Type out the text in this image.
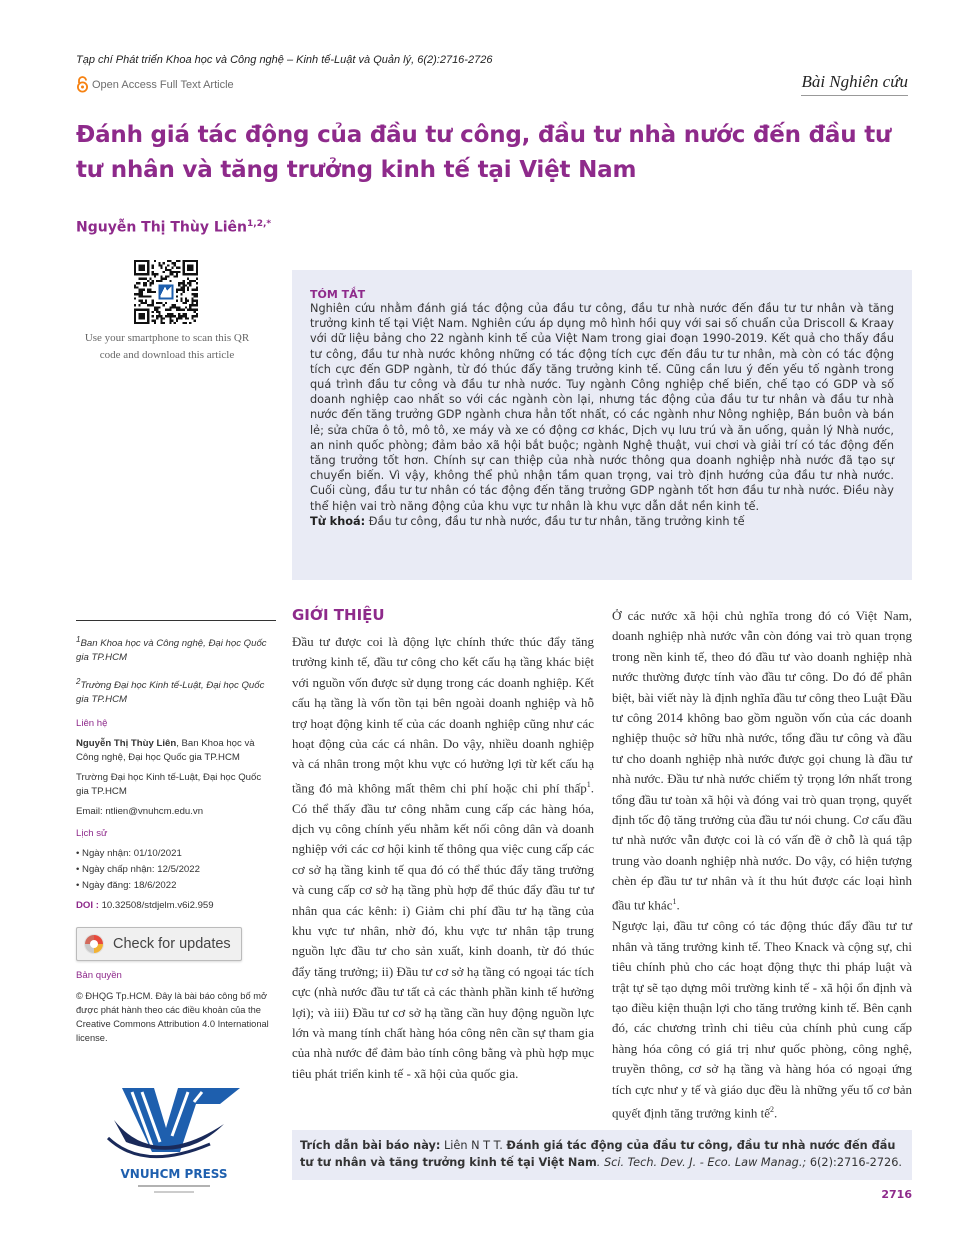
Tạp chí Phát triển Khoa học và Công nghệ – Kinh tế-Luật và Quản lý, 6(2):2716-2726
Open Access Full Text Article	Bài Nghiên cứu
Đánh giá tác động của đầu tư công, đầu tư nhà nước đến đầu tư tư nhân và tăng trưởng kinh tế tại Việt Nam
Nguyễn Thị Thùy Liên$^{1,2,*}$
Use your smartphone to scan this QR code and download this article
TÓM TẮT

Nghiên cứu nhằm đánh giá tác động của đầu tư công, đầu tư nhà nước đến đầu tư tư nhân và tăng trưởng kinh tế tại Việt Nam. Nghiên cứu áp dụng mô hình hồi quy với sai số chuẩn của Driscoll & Kraay với dữ liệu bảng cho 22 ngành kinh tế của Việt Nam trong giai đoạn 1990-2019. Kết quả cho thấy đầu tư công, đầu tư nhà nước không những có tác động tích cực đến đầu tư tư nhân, mà còn có tác động tích cực đến GDP ngành, từ đó thúc đẩy tăng trưởng kinh tế. Cũng cần lưu ý đến yếu tố ngành trong quá trình đầu tư công và đầu tư nhà nước. Tuy ngành Công nghiệp chế biến, chế tạo có GDP và số doanh nghiệp cao nhất so với các ngành còn lại, nhưng tác động của đầu tư tư nhân và đầu tư nhà nước đến tăng trưởng GDP ngành chưa hẳn tốt nhất, có các ngành như Nông nghiệp, Bán buôn và bán lẻ; sửa chữa ô tô, mô tô, xe máy và xe có động cơ khác, Dịch vụ lưu trú và ăn uống, quản lý Nhà nước, an ninh quốc phòng; đảm bảo xã hội bắt buộc; ngành Nghệ thuật, vui chơi và giải trí có tác động đến tăng trưởng tốt hơn. Chính sự can thiệp của nhà nước thông qua doanh nghiệp nhà nước đã tạo sự chuyển biến. Vì vậy, không thể phủ nhận tầm quan trọng, vai trò định hướng của đầu tư nhà nước. Cuối cùng, đầu tư tư nhân có tác động đến tăng trưởng GDP ngành tốt hơn đầu tư nhà nước. Điều này thể hiện vai trò năng động của khu vực tư nhân là khu vực dẫn dắt nền kinh tế.

Từ khoá: Đầu tư công, đầu tư nhà nước, đầu tư tư nhân, tăng trưởng kinh tế

$^1$Ban Khoa học và Công nghệ, Đại học Quốc gia TP.HCM
$^2$Trường Đại học Kinh tế-Luật, Đại học Quốc gia TP.HCM
Liên hệ

Nguyễn Thị Thùy Liên, Ban Khoa học và Công nghệ, Đại học Quốc gia TP.HCM

Trường Đại học Kinh tế-Luật, Đại học Quốc gia TP.HCM

Email: ntlien@vnuhcm.edu.vn

Lịch sử
• Ngày nhận: 01/10/2021
• Ngày chấp nhận: 12/5/2022
• Ngày đăng: 18/6/2022
DOI : 10.32508/stdjelm.v6i2.959
Check for updates
Bản quyền

© ĐHQG Tp.HCM. Đây là bài báo công bố mở được phát hành theo các điều khoản của the Creative Commons Attribution 4.0 International license.

VNUHCM PRESS
GIỚI THIỆU

Đầu tư được coi là động lực chính thức thúc đẩy tăng trưởng kinh tế, đầu tư công cho kết cấu hạ tầng khác biệt với nguồn vốn được sử dụng trong các doanh nghiệp. Kết cấu hạ tầng là vốn tồn tại bên ngoài doanh nghiệp và hỗ trợ hoạt động kinh tế của các doanh nghiệp cũng như các hoạt động của các cá nhân. Do vậy, nhiều doanh nghiệp và cá nhân trong một khu vực có hưởng lợi từ kết cấu hạ tầng đó mà không mất thêm chi phí hoặc chi phí thấp$^1$. Có thể thấy đầu tư công nhằm cung cấp các hàng hóa, dịch vụ công chính yếu nhằm kết nối công dân và doanh nghiệp với các cơ hội kinh tế thông qua việc cung cấp các cơ sở hạ tầng kinh tế qua đó có thể thúc đẩy tăng trưởng và cung cấp cơ sở hạ tầng phù hợp để thúc đẩy đầu tư tư nhân qua các kênh: i) Giảm chi phí đầu tư hạ tầng của khu vực tư nhân, nhờ đó, khu vực tư nhân tập trung nguồn lực đầu tư cho sản xuất, kinh doanh, từ đó thúc đẩy tăng trưởng; ii) Đầu tư cơ sở hạ tầng có ngoại tác tích cực (nhà nước đầu tư tất cả các thành phần kinh tế hưởng lợi); và iii) Đầu tư cơ sở hạ tầng cần huy động nguồn lực lớn và mang tính chất hàng hóa công nên cần sự tham gia của nhà nước để đảm bảo tính công bằng và phù hợp mục tiêu phát triển kinh tế - xã hội của quốc gia.

Ở các nước xã hội chủ nghĩa trong đó có Việt Nam, doanh nghiệp nhà nước vẫn còn đóng vai trò quan trọng trong nền kinh tế, theo đó đầu tư vào doanh nghiệp nhà nước thường được tính vào đầu tư công. Do đó để phân biệt, bài viết này là định nghĩa đầu tư công theo Luật Đầu tư công 2014 không bao gồm nguồn vốn của các doanh nghiệp thuộc sở hữu nhà nước, tổng đầu tư công và đầu tư cho doanh nghiệp nhà nước được gọi chung là đầu tư nhà nước. Đầu tư nhà nước chiếm tỷ trọng lớn nhất trong tổng đầu tư toàn xã hội và đóng vai trò quan trọng, quyết định tốc độ tăng trưởng của đầu tư nói chung. Cơ cấu đầu tư nhà nước vẫn được coi là có vấn đề ở chỗ là quá tập trung vào doanh nghiệp nhà nước. Do vậy, có hiện tượng chèn ép đầu tư tư nhân và ít thu hút được các loại hình đầu tư khác$^1$.

Ngược lại, đầu tư công có tác động thúc đẩy đầu tư tư nhân và tăng trưởng kinh tế. Theo Knack và cộng sự, chi tiêu chính phủ cho các hoạt động thực thi pháp luật và trật tự sẽ tạo dựng môi trường kinh tế - xã hội ổn định và tạo điều kiện thuận lợi cho tăng trưởng kinh tế. Bên cạnh đó, các chương trình chi tiêu của chính phủ cung cấp hàng hóa công có giá trị như quốc phòng, công nghệ, truyền thông, cơ sở hạ tầng và hàng hóa có ngoại ứng tích cực như y tế và giáo dục đều là những yếu tố cơ bản quyết định tăng trưởng kinh tế$^2$.

Trích dẫn bài báo này: Liên N T T. Đánh giá tác động của đầu tư công, đầu tư nhà nước đến đầu tư tư nhân và tăng trưởng kinh tế tại Việt Nam. Sci. Tech. Dev. J. - Eco. Law Manag.; 6(2):2716-2726.
2716
